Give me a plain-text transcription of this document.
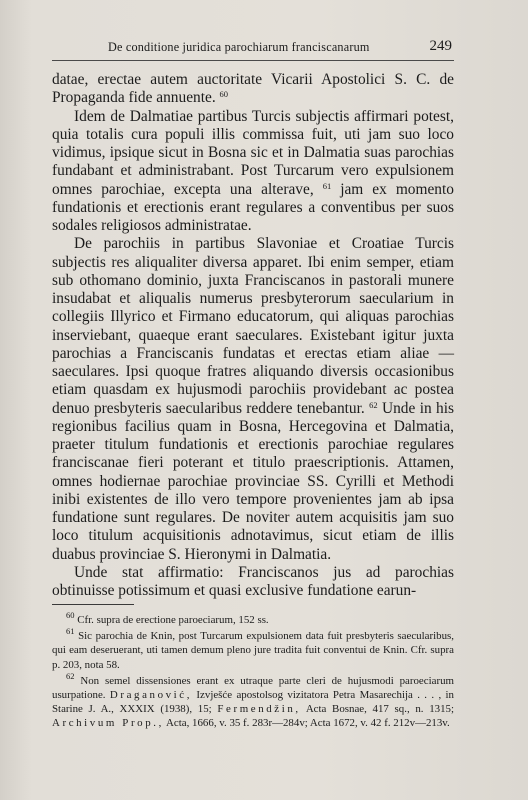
De conditione juridica parochiarum franciscanarum	249

datae, erectae autem auctoritate Vicarii Apostolici S. C. de Propaganda fide annuente. $^{60}$

Idem de Dalmatiae partibus Turcis subjectis affirmari potest, quia totalis cura populi illis commissa fuit, uti jam suo loco vidimus, ipsique sicut in Bosna sic et in Dalmatia suas parochias fundabant et administrabant. Post Turcarum vero expulsionem omnes parochiae, excepta una alterave, $^{61}$ jam ex momento fundationis et erectionis erant regulares a conventibus per suos sodales religiosos administratae.

De parochiis in partibus Slavoniae et Croatiae Turcis subjectis res aliqualiter diversa apparet. Ibi enim semper, etiam sub othomano dominio, juxta Franciscanos in pastorali munere insudabat et aliqualis numerus presbyterorum saecularium in collegiis Illyrico et Firmano educatorum, qui aliquas parochias inserviebant, quaeque erant saeculares. Existebant igitur juxta parochias a Franciscanis fundatas et erectas etiam aliae — saeculares. Ipsi quoque fratres aliquando diversis occasionibus etiam quasdam ex hujusmodi parochiis providebant ac postea denuo presbyteris saecularibus reddere tenebantur. $^{62}$ Unde in his regionibus facilius quam in Bosna, Hercegovina et Dalmatia, praeter titulum fundationis et erectionis parochiae regulares franciscanae fieri poterant et titulo praescriptionis. Attamen, omnes hodiernae parochiae provinciae SS. Cyrilli et Methodi inibi existentes de illo vero tempore provenientes jam ab ipsa fundatione sunt regulares. De noviter autem acquisitis jam suo loco titulum acquisitionis adnotavimus, sicut etiam de illis duabus provinciae S. Hieronymi in Dalmatia.

Unde stat affirmatio: Franciscanos jus ad parochias obtinuisse potissimum et quasi exclusive fundatione earun-

$^{60}$ Cfr. supra de erectione paroeciarum, 152 ss.

$^{61}$ Sic parochia de Knin, post Turcarum expulsionem data fuit presbyteris saecularibus, qui eam deseruerant, uti tamen demum pleno jure tradita fuit conventui de Knin. Cfr. supra p. 203, nota 58.

$^{62}$ Non semel dissensiones erant ex utraque parte cleri de hujusmodi paroeciarum usurpatione. Draganović, Izvješće apostolsog vizitatora Petra Masarechija . . . , in Starine J. A., XXXIX (1938), 15; Fermendžin, Acta Bosnae, 417 sq., n. 1315; Archivum Prop., Acta, 1666, v. 35 f. 283r—284v; Acta 1672, v. 42 f. 212v—213v.
